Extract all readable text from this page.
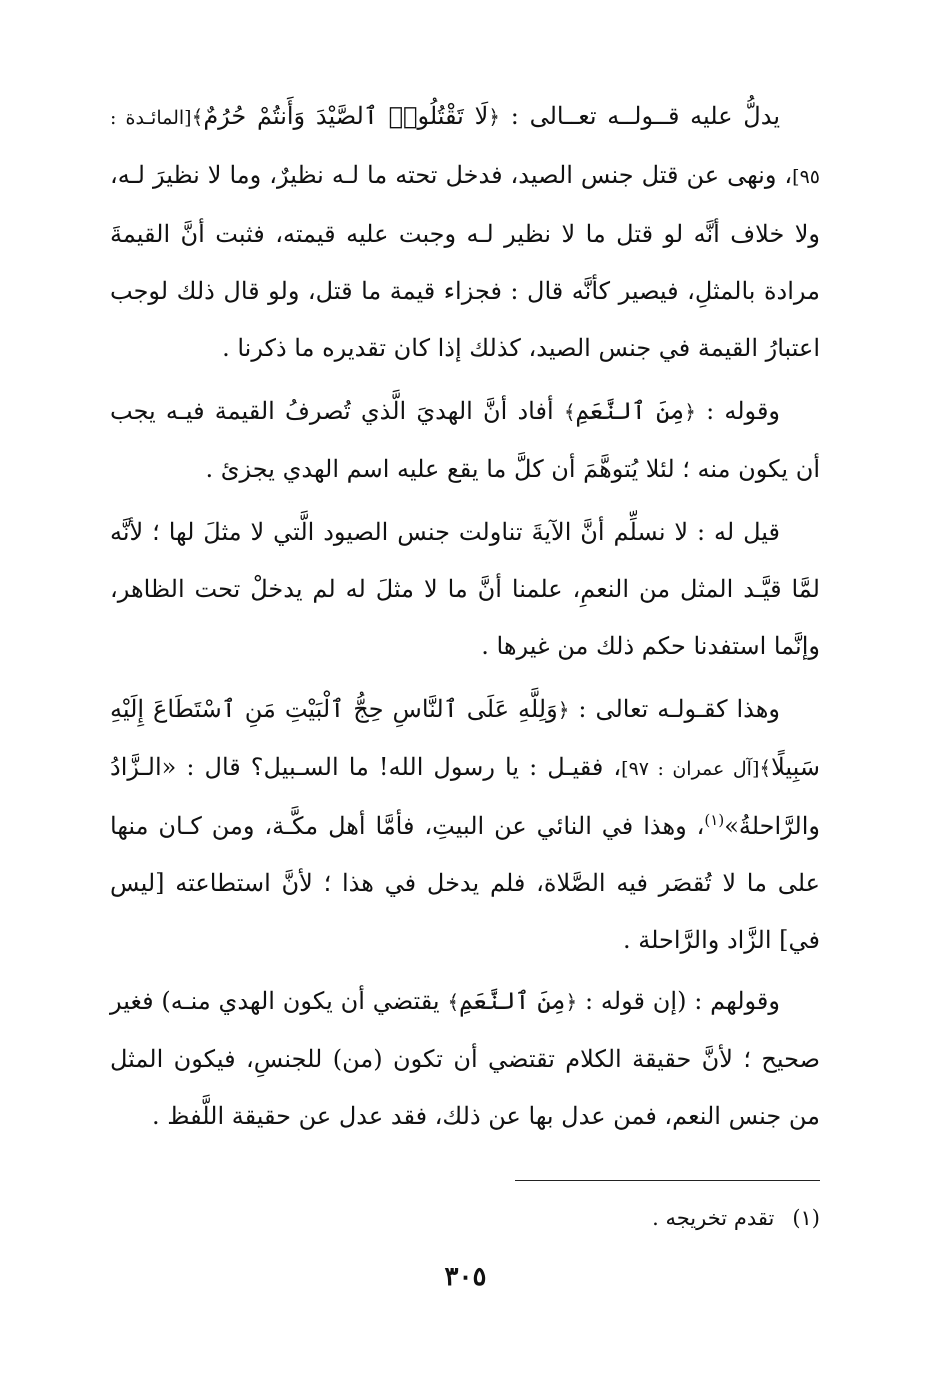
يدلُّ عليه قــولــه تعــالى : ﴿لَا تَقْتُلُوا۟ ٱلصَّيْدَ وَأَنتُمْ حُرُمٌ﴾[المائـدة : ٩٥]، ونهى عن قتل جنس الصيد، فدخل تحته ما لـه نظيرٌ، وما لا نظيرَ لـه، ولا خلاف أنَّه لو قتل ما لا نظير لـه وجبت عليه قيمته، فثبت أنَّ القيمةَ مرادة بالمثلِ، فيصير كأنَّه قال : فجزاء قيمة ما قتل، ولو قال ذلك لوجب اعتبارُ القيمة في جنس الصيد، كذلك إذا كان تقديره ما ذكرنا .

وقوله : ﴿مِنَ ٱلنَّعَمِ﴾ أفاد أنَّ الهديَ الَّذي تُصرفُ القيمة فيـه يجب أن يكون منه ؛ لئلا يُتوهَّمَ أن كلَّ ما يقع عليه اسم الهدي يجزئ .

قيل له : لا نسلِّم أنَّ الآيةَ تناولت جنس الصيود الَّتي لا مثلَ لها ؛ لأنَّه لمَّا قيَّـد المثل من النعمِ، علمنا أنَّ ما لا مثلَ له لم يدخلْ تحت الظاهر، وإنَّما استفدنا حكم ذلك من غيرها .

وهذا كقـولـه تعالى : ﴿وَلِلَّهِ عَلَى ٱلنَّاسِ حِجُّ ٱلْبَيْتِ مَنِ ٱسْتَطَاعَ إِلَيْهِ سَبِيلًا﴾[آل عمران : ٩٧]، فقيـل : يا رسول الله! ما السـبيل؟ قال : «الـزَّادُ والرَّاحلةُ»$^{(١)}$، وهذا في النائي عن البيتِ، فأمَّا أهل مكَّـة، ومن كـان منها على ما لا تُقصَر فيه الصَّلاة، فلم يدخل في هذا ؛ لأنَّ استطاعته [ليس في] الزَّاد والرَّاحلة .

وقولهم : (إن قوله : ﴿مِنَ ٱلنَّعَمِ﴾ يقتضي أن يكون الهدي منـه) فغير صحيح ؛ لأنَّ حقيقة الكلام تقتضي أن تكون (من) للجنسِ، فيكون المثل من جنس النعم، فمن عدل بها عن ذلك، فقد عدل عن حقيقة اللَّفظ .

(١)تقدم تخريجه .
٣٠٥
